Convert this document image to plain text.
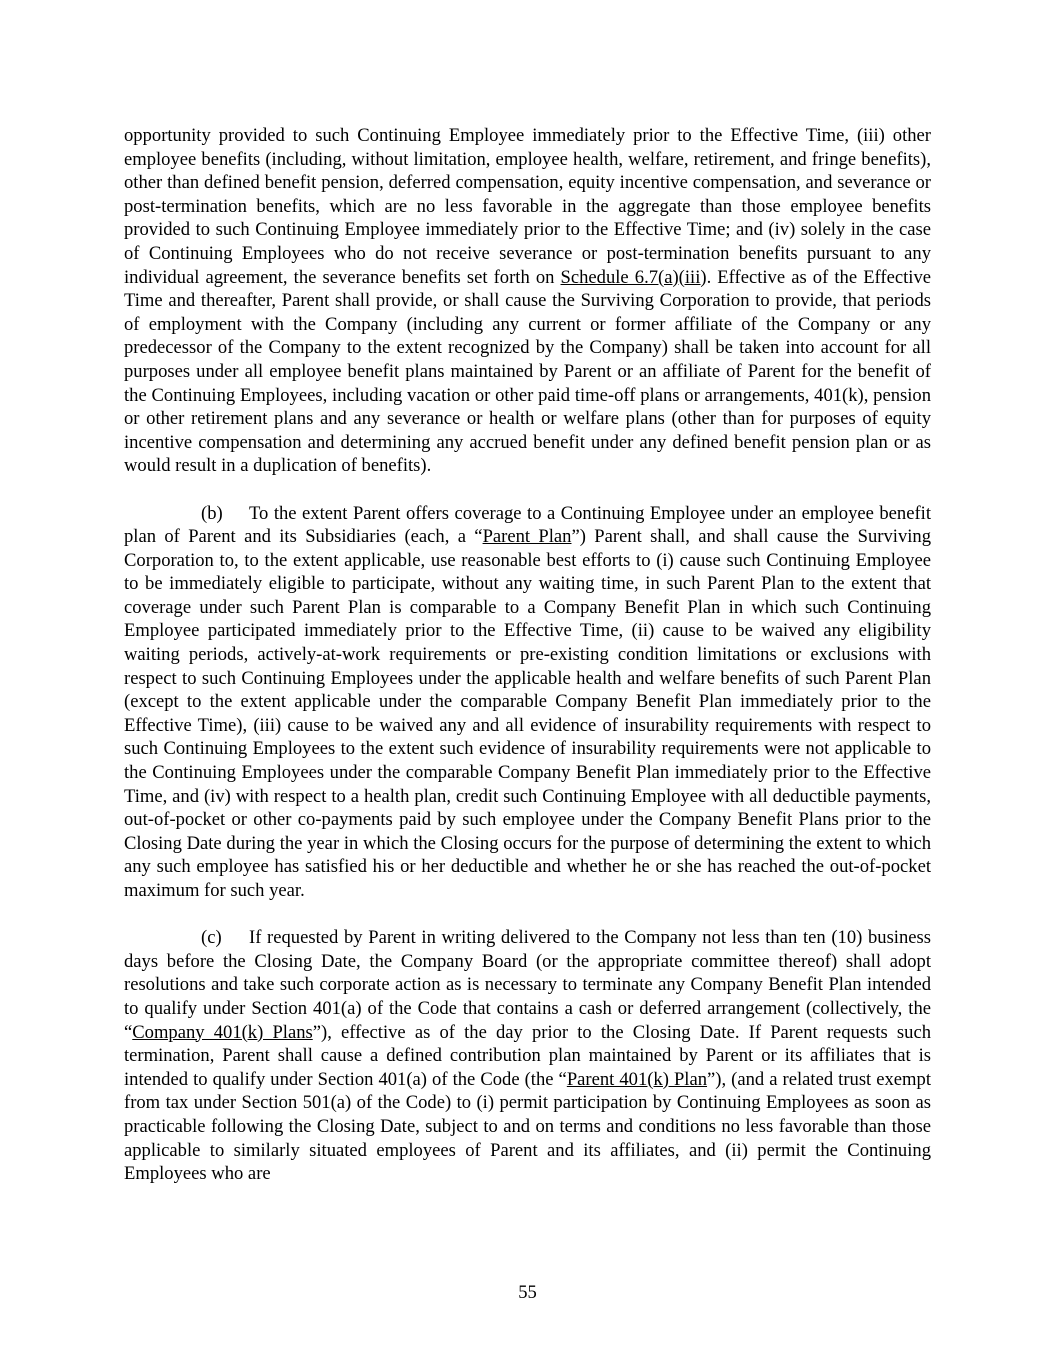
opportunity provided to such Continuing Employee immediately prior to the Effective Time, (iii) other employee benefits (including, without limitation, employee health, welfare, retirement, and fringe benefits), other than defined benefit pension, deferred compensation, equity incentive compensation, and severance or post-termination benefits, which are no less favorable in the aggregate than those employee benefits provided to such Continuing Employee immediately prior to the Effective Time; and (iv) solely in the case of Continuing Employees who do not receive severance or post-termination benefits pursuant to any individual agreement, the severance benefits set forth on Schedule 6.7(a)(iii). Effective as of the Effective Time and thereafter, Parent shall provide, or shall cause the Surviving Corporation to provide, that periods of employment with the Company (including any current or former affiliate of the Company or any predecessor of the Company to the extent recognized by the Company) shall be taken into account for all purposes under all employee benefit plans maintained by Parent or an affiliate of Parent for the benefit of the Continuing Employees, including vacation or other paid time-off plans or arrangements, 401(k), pension or other retirement plans and any severance or health or welfare plans (other than for purposes of equity incentive compensation and determining any accrued benefit under any defined benefit pension plan or as would result in a duplication of benefits).

(b) To the extent Parent offers coverage to a Continuing Employee under an employee benefit plan of Parent and its Subsidiaries (each, a “Parent Plan”) Parent shall, and shall cause the Surviving Corporation to, to the extent applicable, use reasonable best efforts to (i) cause such Continuing Employee to be immediately eligible to participate, without any waiting time, in such Parent Plan to the extent that coverage under such Parent Plan is comparable to a Company Benefit Plan in which such Continuing Employee participated immediately prior to the Effective Time, (ii) cause to be waived any eligibility waiting periods, actively-at-work requirements or pre-existing condition limitations or exclusions with respect to such Continuing Employees under the applicable health and welfare benefits of such Parent Plan (except to the extent applicable under the comparable Company Benefit Plan immediately prior to the Effective Time), (iii) cause to be waived any and all evidence of insurability requirements with respect to such Continuing Employees to the extent such evidence of insurability requirements were not applicable to the Continuing Employees under the comparable Company Benefit Plan immediately prior to the Effective Time, and (iv) with respect to a health plan, credit such Continuing Employee with all deductible payments, out-of-pocket or other co-payments paid by such employee under the Company Benefit Plans prior to the Closing Date during the year in which the Closing occurs for the purpose of determining the extent to which any such employee has satisfied his or her deductible and whether he or she has reached the out-of-pocket maximum for such year.

(c) If requested by Parent in writing delivered to the Company not less than ten (10) business days before the Closing Date, the Company Board (or the appropriate committee thereof) shall adopt resolutions and take such corporate action as is necessary to terminate any Company Benefit Plan intended to qualify under Section 401(a) of the Code that contains a cash or deferred arrangement (collectively, the “Company 401(k) Plans”), effective as of the day prior to the Closing Date. If Parent requests such termination, Parent shall cause a defined contribution plan maintained by Parent or its affiliates that is intended to qualify under Section 401(a) of the Code (the “Parent 401(k) Plan”), (and a related trust exempt from tax under Section 501(a) of the Code) to (i) permit participation by Continuing Employees as soon as practicable following the Closing Date, subject to and on terms and conditions no less favorable than those applicable to similarly situated employees of Parent and its affiliates, and (ii) permit the Continuing Employees who are

55
